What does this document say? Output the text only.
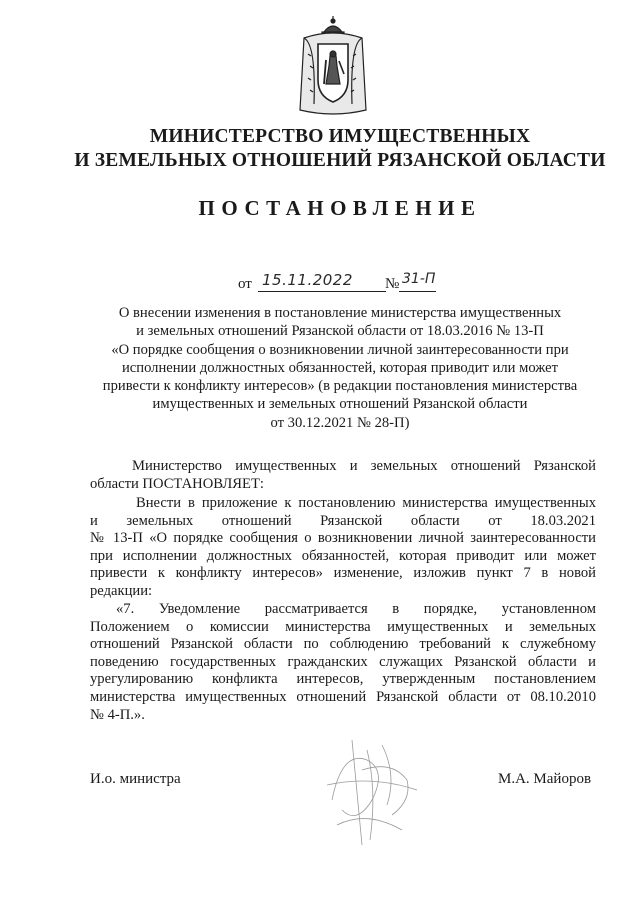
МИНИСТЕРСТВО ИМУЩЕСТВЕННЫХ
И ЗЕМЕЛЬНЫХ ОТНОШЕНИЙ РЯЗАНСКОЙ ОБЛАСТИ
ПОСТАНОВЛЕНИЕ
от 15.11.2022	№ 31-П
О внесении изменения в постановление министерства имущественных
и земельных отношений Рязанской области от 18.03.2016 № 13-П
«О порядке сообщения о возникновении личной заинтересованности при
исполнении должностных обязанностей, которая приводит или может
привести к конфликту интересов» (в редакции постановления министерства
имущественных и земельных отношений Рязанской области
от 30.12.2021 № 28-П)
Министерство имущественных и земельных отношений Рязанской
области ПОСТАНОВЛЯЕТ:
Внести в приложение к постановлению министерства имущественных
и земельных отношений Рязанской области от 18.03.2021
№ 13-П «О порядке сообщения о возникновении личной заинтересованности
при исполнении должностных обязанностей, которая приводит или может
привести к конфликту интересов» изменение, изложив пункт 7 в новой
редакции:
«7. Уведомление рассматривается в порядке, установленном
Положением о комиссии министерства имущественных и земельных
отношений Рязанской области по соблюдению требований к служебному
поведению государственных гражданских служащих Рязанской области и
урегулированию конфликта интересов, утвержденным постановлением
министерства имущественных отношений Рязанской области от 08.10.2010
№ 4-П.».
И.о. министра	М.А. Майоров
